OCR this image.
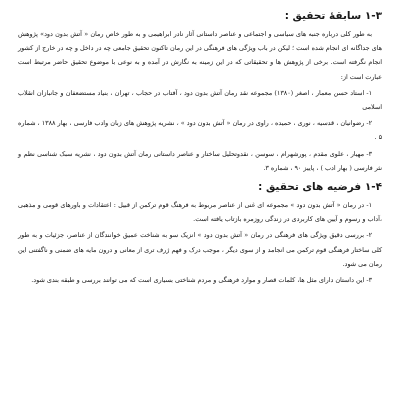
۱-۳ سابقهٔ تحقیق :

به طور کلی درباره جنبه های سیاسی و اجتماعی و عناصر داستانی آثار نادر ابراهیمی و به طور خاص رمان « آتش بدون دود» پژوهش های جداگانه ای انجام شده است ؛ لیکن در باب ویژگی های فرهنگی در این رمان تاکنون تحقیق جامعی چه در داخل و چه در خارج از کشور انجام نگرفته است. برخی از پژوهش ها و تحقیقاتی که در این زمینه به نگارش در آمده و به نوعی با موضوع تحقیق حاضر مرتبط است عبارت است از:

۱- استاد حسن معمار ، اصغر (۱۳۸۰) مجموعه نقد رمان آتش بدون دود ، آفتاب در حجاب ، تهران ، بنیاد مستضعفان و جانبازان انقلاب اسلامی

۲- رضوانیان ، قدسیه ، نوری ، حمیده ، راوی در رمان « آتش بدون دود » ، نشریه پژوهش های زبان وادب فارسی ، بهار ۱۳۸۸ ، شماره ۵ .

۳- مهیار ، علوی مقدم ، پورشهرام ، سوسن ، نقدوتحلیل ساختار و عناصر داستانی رمان آتش بدون دود ، نشریه سبک شناسی نظم و نثر فارسی ( بهار ادب ) ، پاییز ۹۰ ، شماره ۳.

۱-۴ فرضیه های تحقیق :

۱- در رمان « آتش بدون دود » مجموعه ای غنی از عناصر مربوط به فرهنگ قوم ترکمن از قبیل : اعتقادات و باورهای قومی و مذهبی ،آداب و رسوم و آیین های کاربردی در زندگی روزمره بازتاب یافته است.

۲- بررسی دقیق ویژگی های فرهنگی در رمان « آتش بدون دود » انزیک سو به شناخت عمیق خوانندگان از عناصر، جزئیات و به طور کلی ساختار فرهنگی قوم ترکمن می انجامد و از سوی دیگر ، موجب درک و فهم ژرف تری از معانی و درون مایه های ضمنی و ناگفتنی این رمان می شود.

۳- این داستان دارای مثل ها، کلمات قصار و موارد فرهنگی و مردم شناختی بسیاری است که می توانند بررسی و طبقه بندی شود.
